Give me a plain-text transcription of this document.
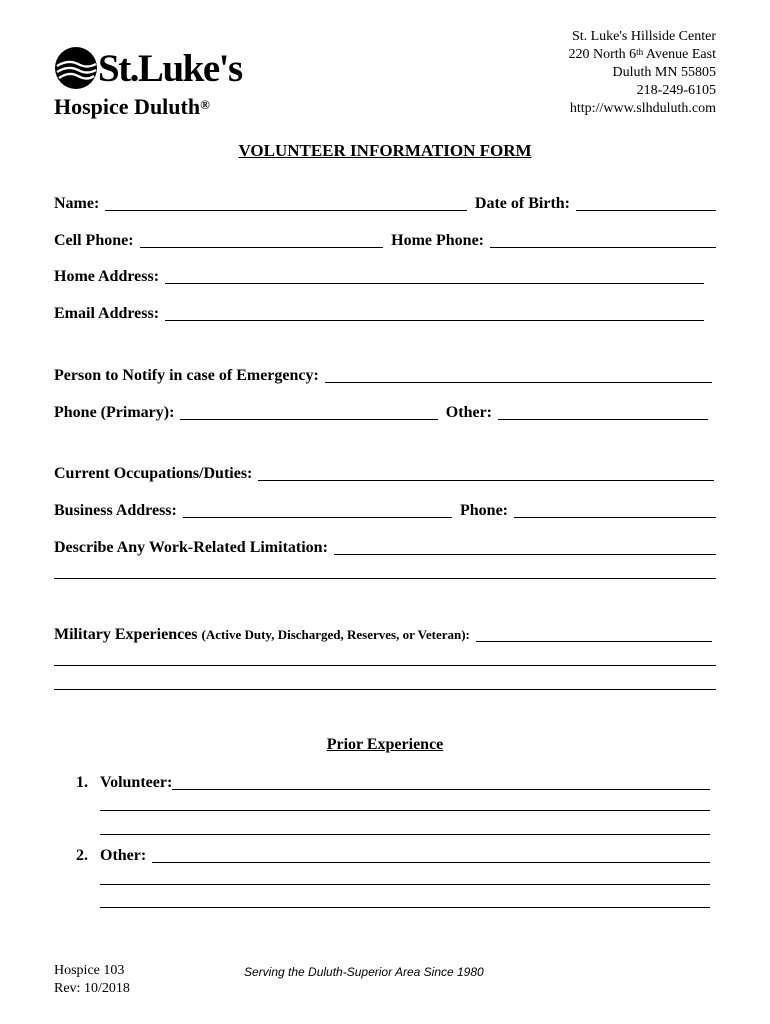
St.Luke's
Hospice Duluth®
St. Luke's Hillside Center
220 North 6th Avenue East
Duluth MN 55805
218-249-6105
http://www.slhduluth.com
VOLUNTEER INFORMATION FORM
Name:	Date of Birth:
Cell Phone:	Home Phone:
Home Address:
Email Address:
Person to Notify in case of Emergency:
Phone (Primary):	Other:
Current Occupations/Duties:
Business Address:	Phone:
Describe Any Work-Related Limitation:
Military Experiences (Active Duty, Discharged, Reserves, or Veteran):
Prior Experience
1. Volunteer:
2. Other:
Hospice 103
Rev: 10/2018
Serving the Duluth-Superior Area Since 1980
